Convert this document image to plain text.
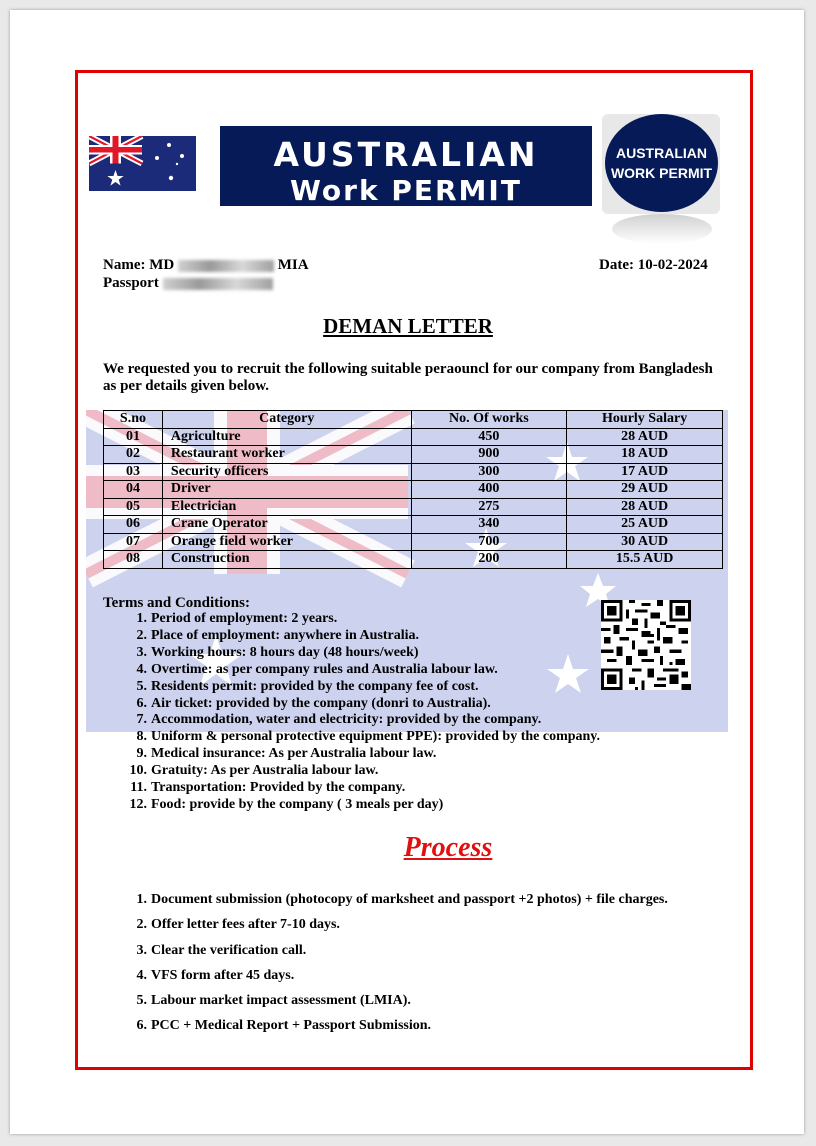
AUSTRALIAN
Work PERMIT
AUSTRALIAN
WORK PERMIT
Name: MD	MIA
Passport
Date: 10-02-2024
DEMAN LETTER
We requested you to recruit the following suitable peraouncl for our company from Bangladesh as per details given below.
S.no	Category	No. Of works	Hourly Salary
01	Agriculture	450	28 AUD
02	Restaurant worker	900	18 AUD
03	Security officers	300	17 AUD
04	Driver	400	29 AUD
05	Electrician	275	28 AUD
06	Crane Operator	340	25 AUD
07	Orange field worker	700	30 AUD
08	Construction	200	15.5 AUD
Terms and Conditions:
1. Period of employment: 2 years.
2. Place of employment: anywhere in Australia.
3. Working hours: 8 hours day (48 hours/week)
4. Overtime: as per company rules and Australia labour law.
5. Residents permit: provided by the company fee of cost.
6. Air ticket: provided by the company (donri to Australia).
7. Accommodation, water and electricity: provided by the company.
8. Uniform & personal protective equipment PPE): provided by the company.
9. Medical insurance: As per Australia labour law.
10. Gratuity: As per Australia labour law.
11. Transportation: Provided by the company.
12. Food: provide by the company ( 3 meals per day)
Process
1. Document submission (photocopy of marksheet and passport +2 photos) + file charges.
2. Offer letter fees after 7-10 days.
3. Clear the verification call.
4. VFS form after 45 days.
5. Labour market impact assessment (LMIA).
6. PCC + Medical Report + Passport Submission.
